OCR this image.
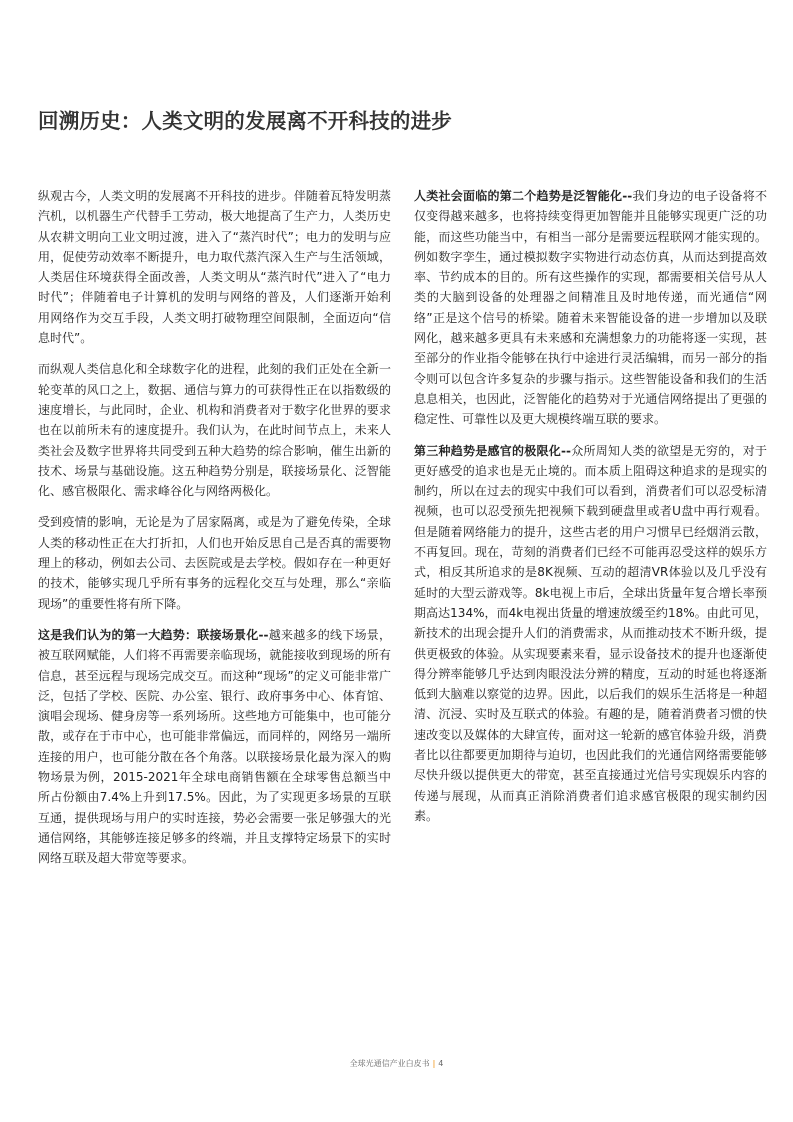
回溯历史：人类文明的发展离不开科技的进步

纵观古今，人类文明的发展离不开科技的进步。伴随着瓦特发明蒸汽机，以机器生产代替手工劳动，极大地提高了生产力，人类历史从农耕文明向工业文明过渡，进入了“蒸汽时代”；电力的发明与应用，促使劳动效率不断提升，电力取代蒸汽深入生产与生活领域，人类居住环境获得全面改善，人类文明从“蒸汽时代”进入了“电力时代”；伴随着电子计算机的发明与网络的普及，人们逐渐开始利用网络作为交互手段，人类文明打破物理空间限制，全面迈向“信息时代”。

而纵观人类信息化和全球数字化的进程，此刻的我们正处在全新一轮变革的风口之上，数据、通信与算力的可获得性正在以指数级的速度增长，与此同时，企业、机构和消费者对于数字化世界的要求也在以前所未有的速度提升。我们认为，在此时间节点上，未来人类社会及数字世界将共同受到五种大趋势的综合影响，催生出新的技术、场景与基础设施。这五种趋势分别是，联接场景化、泛智能化、感官极限化、需求峰谷化与网络两极化。

受到疫情的影响，无论是为了居家隔离，或是为了避免传染，全球人类的移动性正在大打折扣，人们也开始反思自己是否真的需要物理上的移动，例如去公司、去医院或是去学校。假如存在一种更好的技术，能够实现几乎所有事务的远程化交互与处理，那么“亲临现场”的重要性将有所下降。

这是我们认为的第一大趋势：联接场景化--越来越多的线下场景，被互联网赋能，人们将不再需要亲临现场，就能接收到现场的所有信息，甚至远程与现场完成交互。而这种“现场”的定义可能非常广泛，包括了学校、医院、办公室、银行、政府事务中心、体育馆、演唱会现场、健身房等一系列场所。这些地方可能集中，也可能分散，或存在于市中心，也可能非常偏远，而同样的，网络另一端所连接的用户，也可能分散在各个角落。以联接场景化最为深入的购物场景为例，2015-2021年全球电商销售额在全球零售总额当中所占份额由7.4%上升到17.5%。因此，为了实现更多场景的互联互通，提供现场与用户的实时连接，势必会需要一张足够强大的光通信网络，其能够连接足够多的终端，并且支撑特定场景下的实时网络互联及超大带宽等要求。

人类社会面临的第二个趋势是泛智能化--我们身边的电子设备将不仅变得越来越多，也将持续变得更加智能并且能够实现更广泛的功能，而这些功能当中，有相当一部分是需要远程联网才能实现的。例如数字孪生，通过模拟数字实物进行动态仿真，从而达到提高效率、节约成本的目的。所有这些操作的实现，都需要相关信号从人类的大脑到设备的处理器之间精准且及时地传递，而光通信“网络”正是这个信号的桥梁。随着未来智能设备的进一步增加以及联网化，越来越多更具有未来感和充满想象力的功能将逐一实现，甚至部分的作业指令能够在执行中途进行灵活编辑，而另一部分的指令则可以包含许多复杂的步骤与指示。这些智能设备和我们的生活息息相关，也因此，泛智能化的趋势对于光通信网络提出了更强的稳定性、可靠性以及更大规模终端互联的要求。

第三种趋势是感官的极限化--众所周知人类的欲望是无穷的，对于更好感受的追求也是无止境的。而本质上阻碍这种追求的是现实的制约，所以在过去的现实中我们可以看到，消费者们可以忍受标清视频，也可以忍受预先把视频下载到硬盘里或者U盘中再行观看。但是随着网络能力的提升，这些古老的用户习惯早已经烟消云散，不再复回。现在，苛刻的消费者们已经不可能再忍受这样的娱乐方式，相反其所追求的是8K视频、互动的超清VR体验以及几乎没有延时的大型云游戏等。8k电视上市后，全球出货量年复合增长率预期高达134%，而4k电视出货量的增速放缓至约18%。由此可见，新技术的出现会提升人们的消费需求，从而推动技术不断升级，提供更极致的体验。从实现要素来看，显示设备技术的提升也逐渐使得分辨率能够几乎达到肉眼没法分辨的精度，互动的时延也将逐渐低到大脑难以察觉的边界。因此，以后我们的娱乐生活将是一种超清、沉浸、实时及互联式的体验。有趣的是，随着消费者习惯的快速改变以及媒体的大肆宣传，面对这一轮新的感官体验升级，消费者比以往都要更加期待与迫切，也因此我们的光通信网络需要能够尽快升级以提供更大的带宽，甚至直接通过光信号实现娱乐内容的传递与展现，从而真正消除消费者们追求感官极限的现实制约因素。

全球光通信产业白皮书 | 4
